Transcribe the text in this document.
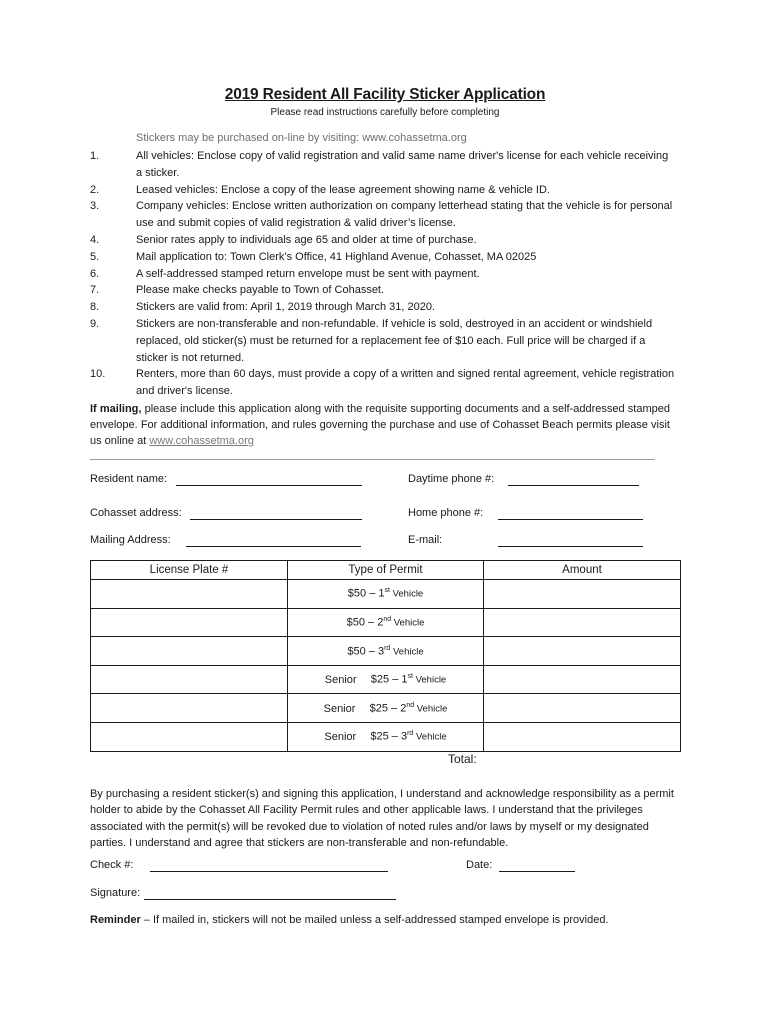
2019 Resident All Facility Sticker Application
Please read instructions carefully before completing
Stickers may be purchased on-line by visiting: www.cohassetma.org
1.	All vehicles: Enclose copy of valid registration and valid same name driver's license for each vehicle receiving a sticker.
2.	Leased vehicles: Enclose a copy of the lease agreement showing name & vehicle ID.
3.	Company vehicles: Enclose written authorization on company letterhead stating that the vehicle is for personal use and submit copies of valid registration & valid driver’s license.
4.	Senior rates apply to individuals age 65 and older at time of purchase.
5.	Mail application to: Town Clerk’s Office, 41 Highland Avenue, Cohasset, MA 02025
6.	A self-addressed stamped return envelope must be sent with payment.
7.	Please make checks payable to Town of Cohasset.
8.	Stickers are valid from: April 1, 2019 through March 31, 2020.
9.	Stickers are non-transferable and non-refundable. If vehicle is sold, destroyed in an accident or windshield replaced, old sticker(s) must be returned for a replacement fee of $10 each. Full price will be charged if a sticker is not returned.
10.	Renters, more than 60 days, must provide a copy of a written and signed rental agreement, vehicle registration and driver's license.
If mailing, please include this application along with the requisite supporting documents and a self-addressed stamped envelope. For additional information, and rules governing the purchase and use of Cohasset Beach permits please visit us online at www.cohassetma.org
Resident name:	Daytime phone #:
Cohasset address:	Home phone #:
Mailing Address:	E-mail:
License Plate #	Type of Permit	Amount
	$50 – 1st Vehicle	
	$50 – 2nd Vehicle	
	$50 – 3rd Vehicle	
	Senior $25 – 1st Vehicle	
	Senior $25 – 2nd Vehicle	
	Senior $25 – 3rd Vehicle	
Total:
By purchasing a resident sticker(s) and signing this application, I understand and acknowledge responsibility as a permit holder to abide by the Cohasset All Facility Permit rules and other applicable laws. I understand that the privileges associated with the permit(s) will be revoked due to violation of noted rules and/or laws by myself or my designated parties. I understand and agree that stickers are non-transferable and non-refundable.
Check #:	Date:
Signature:
Reminder – If mailed in, stickers will not be mailed unless a self-addressed stamped envelope is provided.
